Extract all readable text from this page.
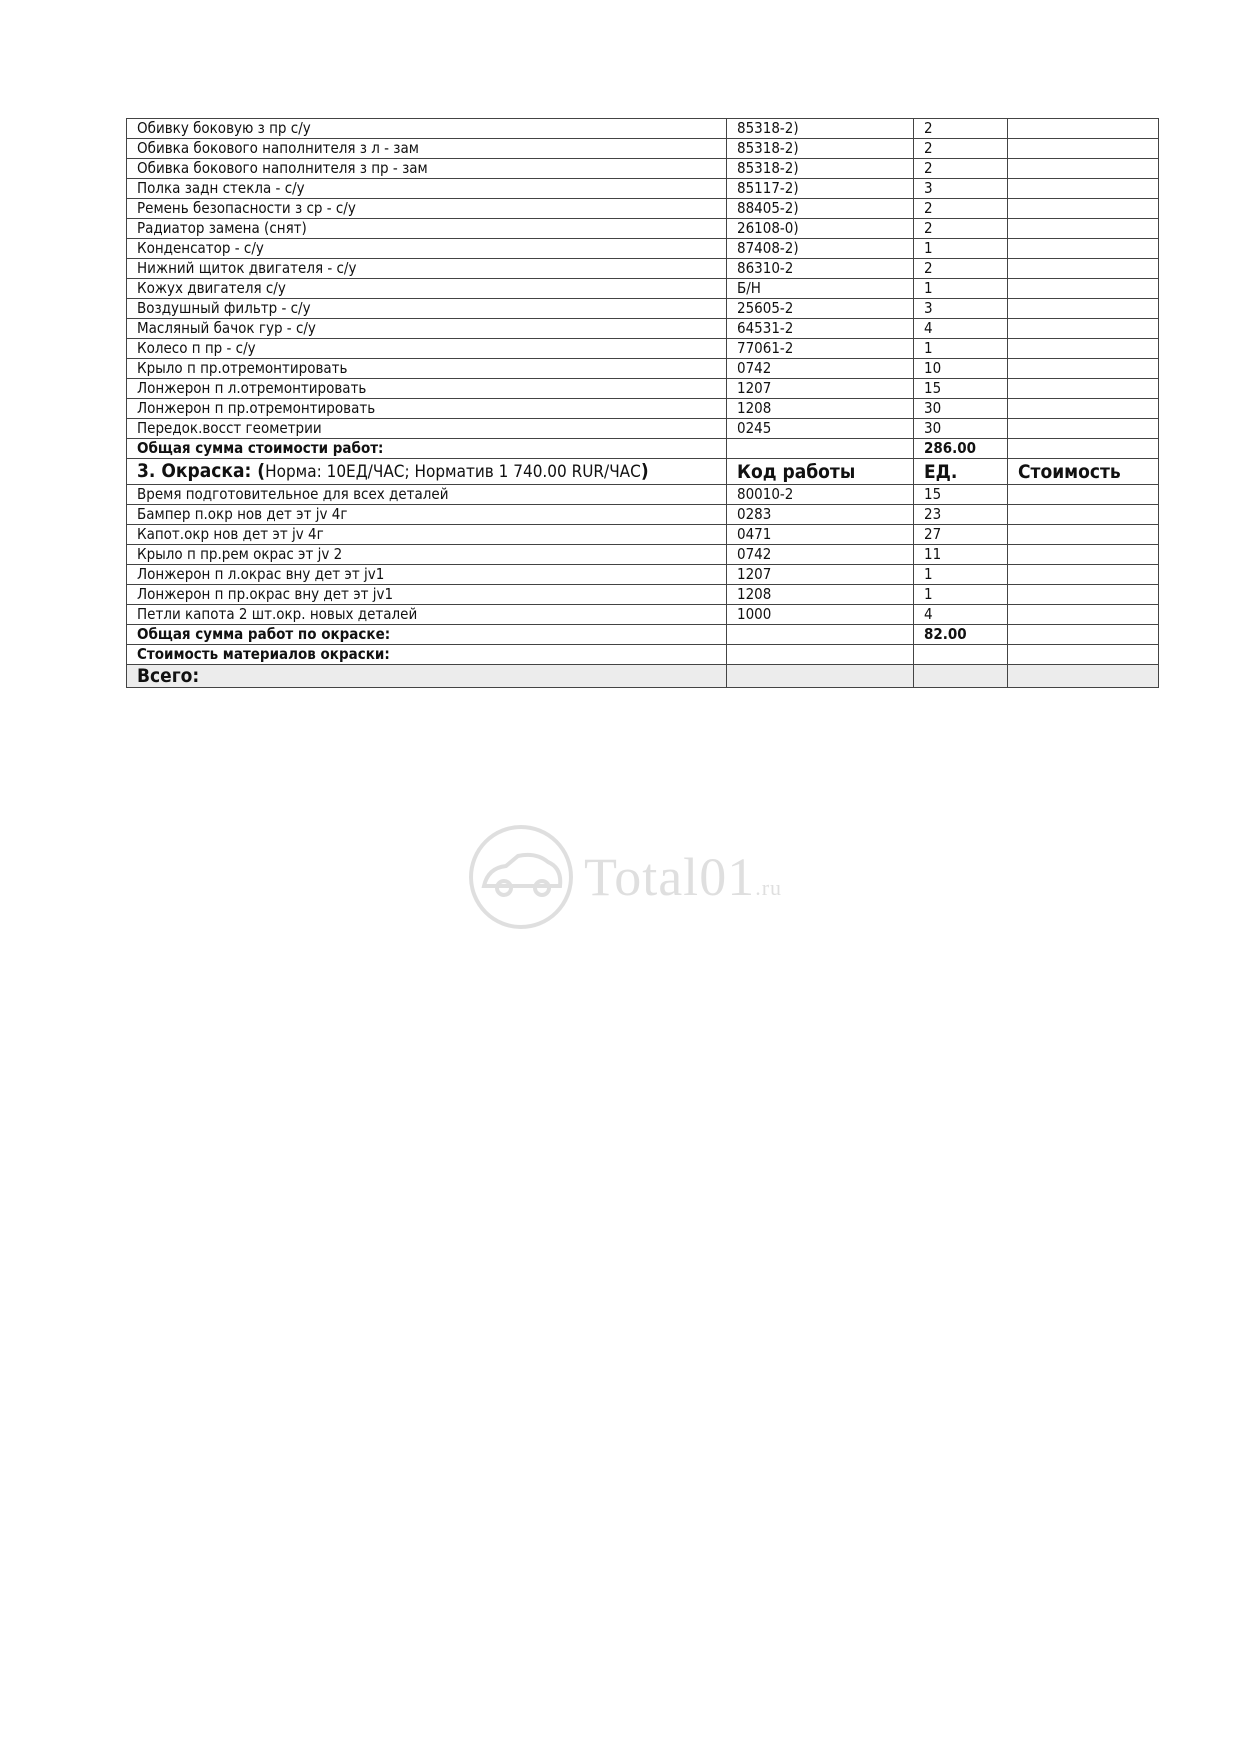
Обивку боковую з пр с/у	85318-2)	2	
Обивка бокового наполнителя з л - зам	85318-2)	2	
Обивка бокового наполнителя з пр - зам	85318-2)	2	
Полка задн стекла - с/у	85117-2)	3	
Ремень безопасности з ср - с/у	88405-2)	2	
Радиатор замена (снят)	26108-0)	2	
Конденсатор - с/у	87408-2)	1	
Нижний щиток двигателя - с/у	86310-2	2	
Кожух двигателя с/у	Б/Н	1	
Воздушный фильтр - с/у	25605-2	3	
Масляный бачок гур - с/у	64531-2	4	
Колесо п пр - с/у	77061-2	1	
Крыло п пр.отремонтировать	0742	10	
Лонжерон п л.отремонтировать	1207	15	
Лонжерон п пр.отремонтировать	1208	30	
Передок.восст геометрии	0245	30	
Общая сумма стоимости работ:		286.00	
3. Окраска: (Норма: 10ЕД/ЧАС; Норматив 1 740.00 RUR/ЧАС)	Код работы	ЕД.	Стоимость
Время подготовительное для всех деталей	80010-2	15	
Бампер п.окр нов дет эт jv 4г	0283	23	
Капот.окр нов дет эт jv 4г	0471	27	
Крыло п пр.рем окрас эт jv 2	0742	11	
Лонжерон п л.окрас вну дет эт jv1	1207	1	
Лонжерон п пр.окрас вну дет эт jv1	1208	1	
Петли капота 2 шт.окр. новых деталей	1000	4	
Общая сумма работ по окраске:		82.00	
Стоимость материалов окраски:			
Всего:			
Total01.ru
